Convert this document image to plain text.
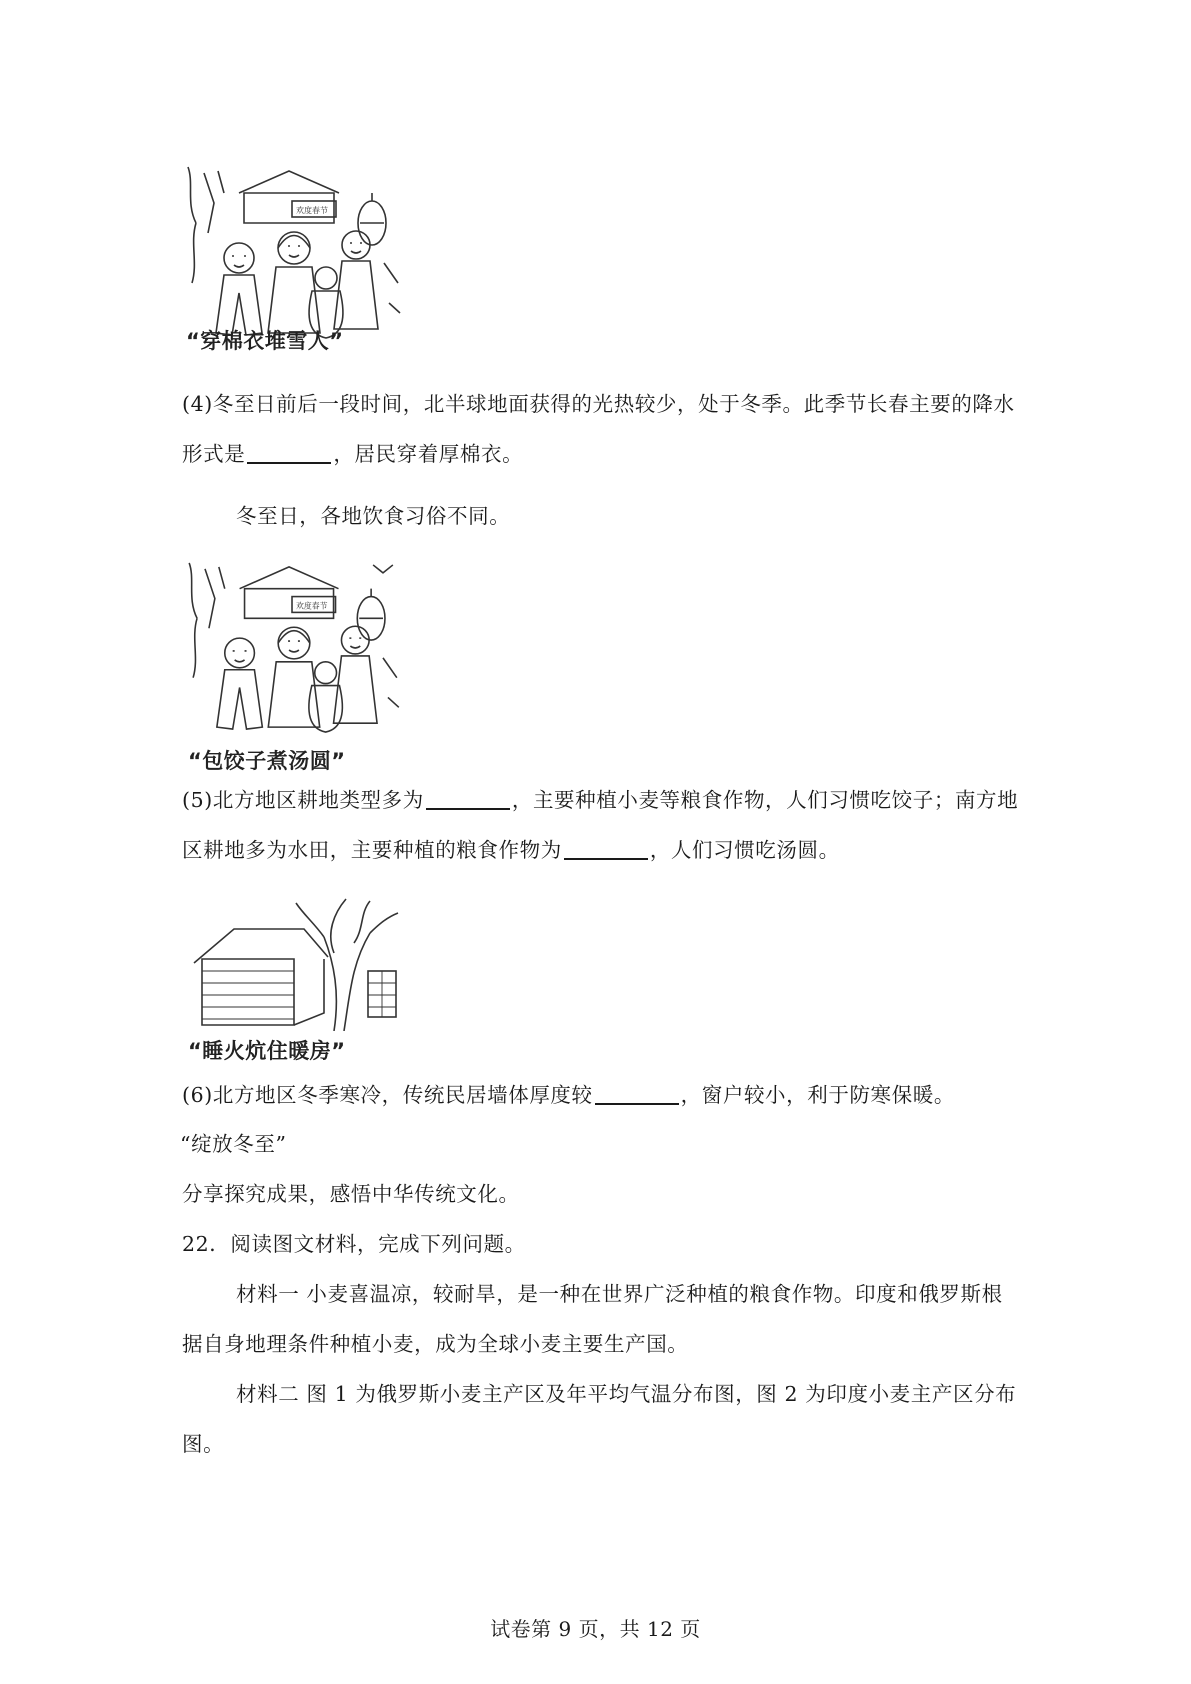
欢度春节
“穿棉衣堆雪人”
(4)冬至日前后一段时间，北半球地面获得的光热较少，处于冬季。此季节长春主要的降水
形式是	，居民穿着厚棉衣。
冬至日，各地饮食习俗不同。
欢度春节
“包饺子煮汤圆”
(5)北方地区耕地类型多为	，主要种植小麦等粮食作物，人们习惯吃饺子；南方地
区耕地多为水田，主要种植的粮食作物为	，人们习惯吃汤圆。
“睡火炕住暖房”
(6)北方地区冬季寒冷，传统民居墙体厚度较	，窗户较小，利于防寒保暖。
“绽放冬至”
分享探究成果，感悟中华传统文化。
22．阅读图文材料，完成下列问题。
材料一 小麦喜温凉，较耐旱，是一种在世界广泛种植的粮食作物。印度和俄罗斯根
据自身地理条件种植小麦，成为全球小麦主要生产国。
材料二 图 1 为俄罗斯小麦主产区及年平均气温分布图，图 2 为印度小麦主产区分布
图。
试卷第 9 页，共 12 页
